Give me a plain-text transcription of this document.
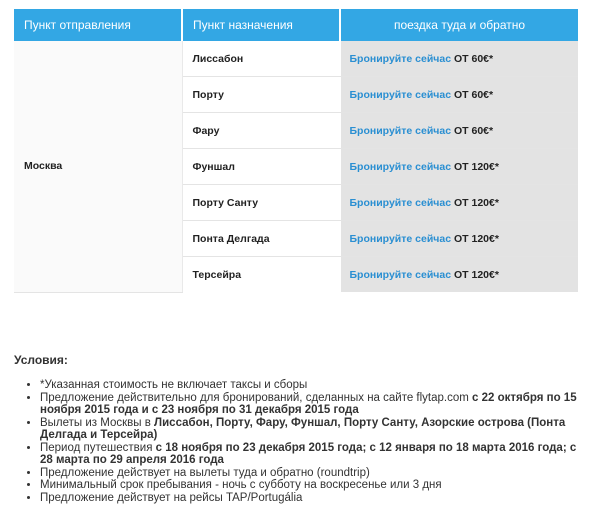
Пункт отправления	Пункт назначения	поездка туда и обратно
Москва	Лиссабон	Бронируйте сейчас ОТ 60€*
	Порту	Бронируйте сейчас ОТ 60€*
	Фару	Бронируйте сейчас ОТ 60€*
	Фуншал	Бронируйте сейчас ОТ 120€*
	Порту Санту	Бронируйте сейчас ОТ 120€*
	Понта Делгада	Бронируйте сейчас ОТ 120€*
	Терсейра	Бронируйте сейчас ОТ 120€*
Условия:
• *Указанная стоимость не включает таксы и сборы
• Предложение действительно для бронирований, сделанных на сайте flytap.com с 22 октября по 15 ноября 2015 года и с 23 ноября по 31 декабря 2015 года
• Вылеты из Москвы в Лиссабон, Порту, Фару, Фуншал, Порту Санту, Азорские острова (Понта Делгада и Терсейра)
• Период путешествия с 18 ноября по 23 декабря 2015 года; с 12 января по 18 марта 2016 года; с 28 марта по 29 апреля 2016 года
• Предложение действует на вылеты туда и обратно (roundtrip)
• Минимальный срок пребывания - ночь с субботу на воскресенье или 3 дня
• Предложение действует на рейсы TAP/Portugália
